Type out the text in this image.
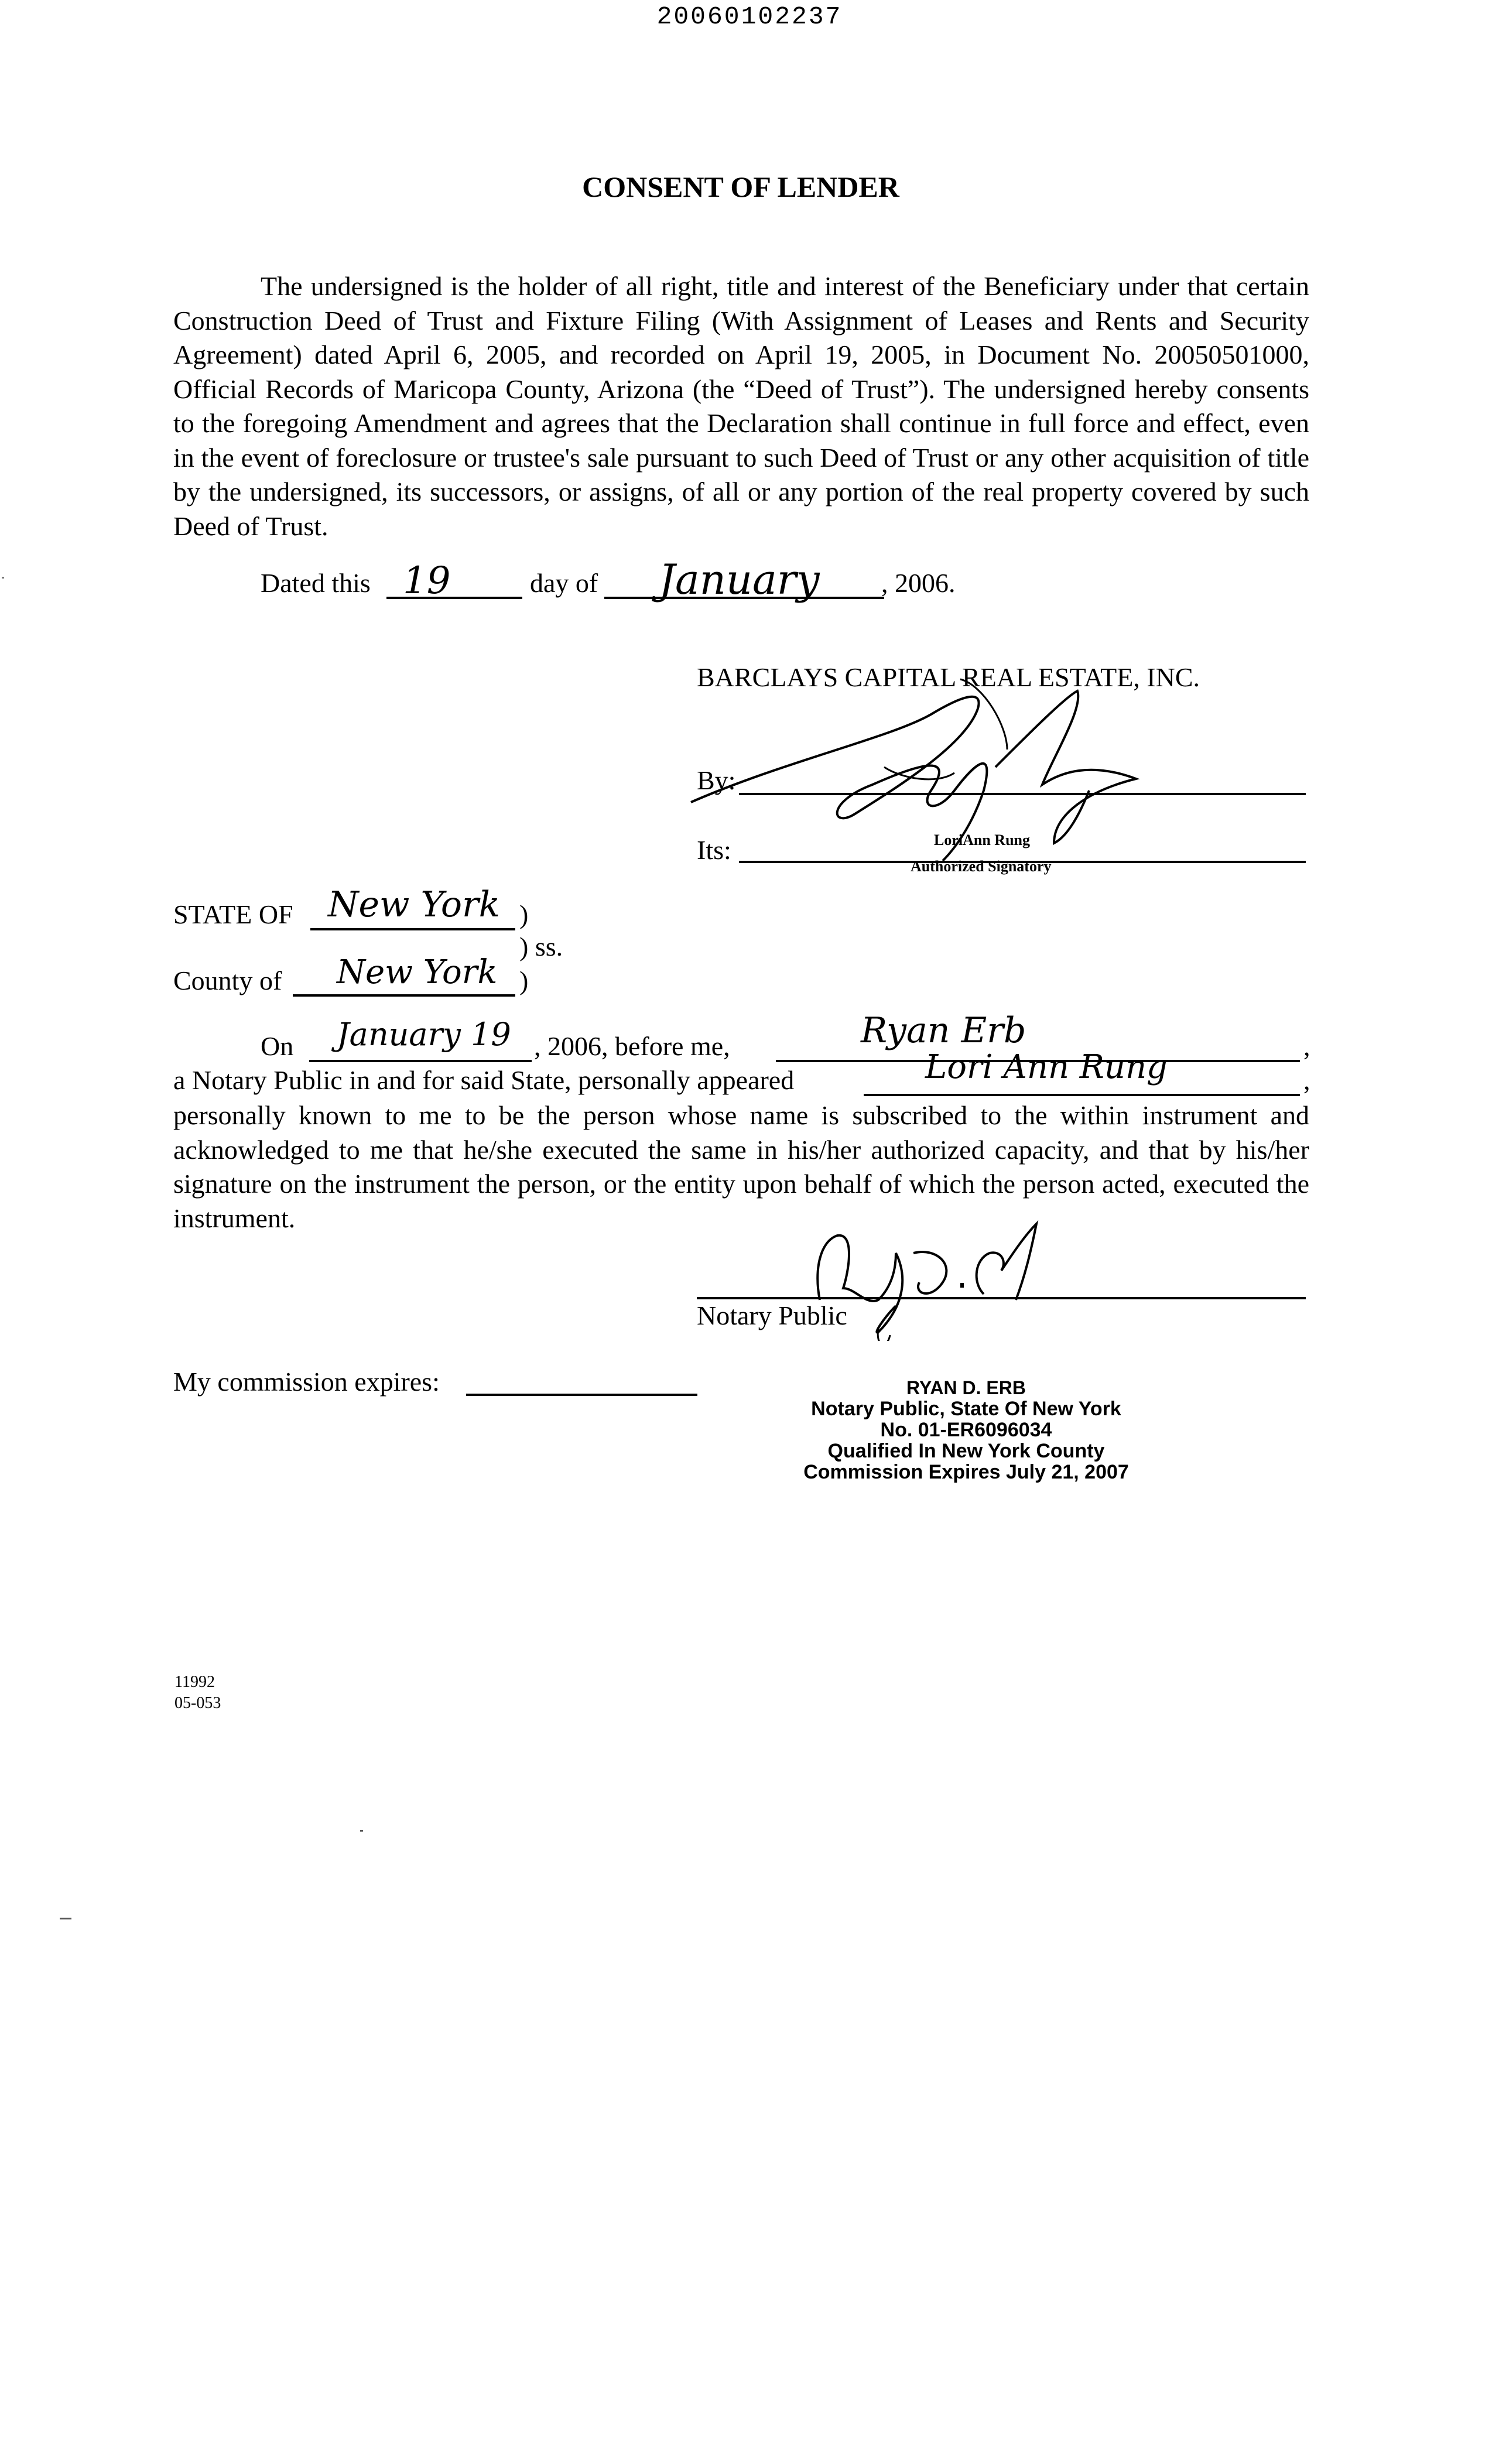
20060102237
CONSENT OF LENDER
The undersigned is the holder of all right, title and interest of the Beneficiary under that certain Construction Deed of Trust and Fixture Filing (With Assignment of Leases and Rents and Security Agreement) dated April 6, 2005, and recorded on April 19, 2005, in Document No. 20050501000, Official Records of Maricopa County, Arizona (the “Deed of Trust”). The undersigned hereby consents to the foregoing Amendment and agrees that the Declaration shall continue in full force and effect, even in the event of foreclosure or trustee's sale pursuant to such Deed of Trust or any other acquisition of title by the undersigned, its successors, or assigns, of all or any portion of the real property covered by such Deed of Trust.
Dated this 19	day of January , 2006.
BARCLAYS CAPITAL REAL ESTATE, INC.
By:
Its:	LoriAnn Rung
Authorized Signatory
STATE OF New York )
) ss.
County of New York )
On January 19 , 2006, before me,	Ryan Erb	,
a Notary Public in and for said State, personally appeared	Lori Ann Rung	,
personally known to me to be the person whose name is subscribed to the within instrument and acknowledged to me that he/she executed the same in his/her authorized capacity, and that by his/her signature on the instrument the person, or the entity upon behalf of which the person acted, executed the instrument.
Notary Public
My commission expires:	RYAN D. ERB
Notary Public, State Of New York
No. 01-ER6096034
Qualified In New York County
Commission Expires July 21, 2007
11992
05-053
